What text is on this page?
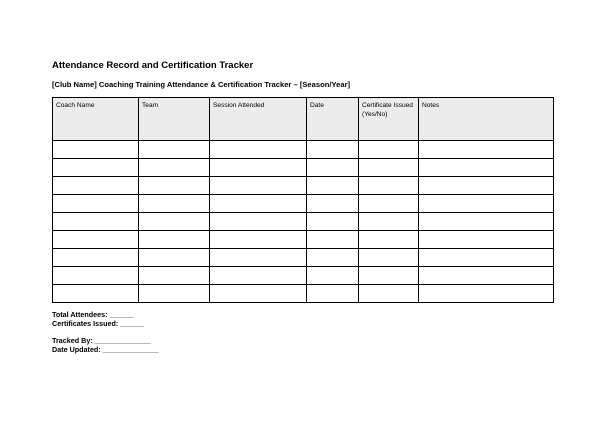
Attendance Record and Certification Tracker
[Club Name] Coaching Training Attendance & Certification Tracker – [Season/Year]
Coach Name	Team	Session Attended	Date	Certificate Issued (Yes/No)	Notes

Total Attendees: ______
Certificates Issued: ______
Tracked By: ______________
Date Updated: ______________
